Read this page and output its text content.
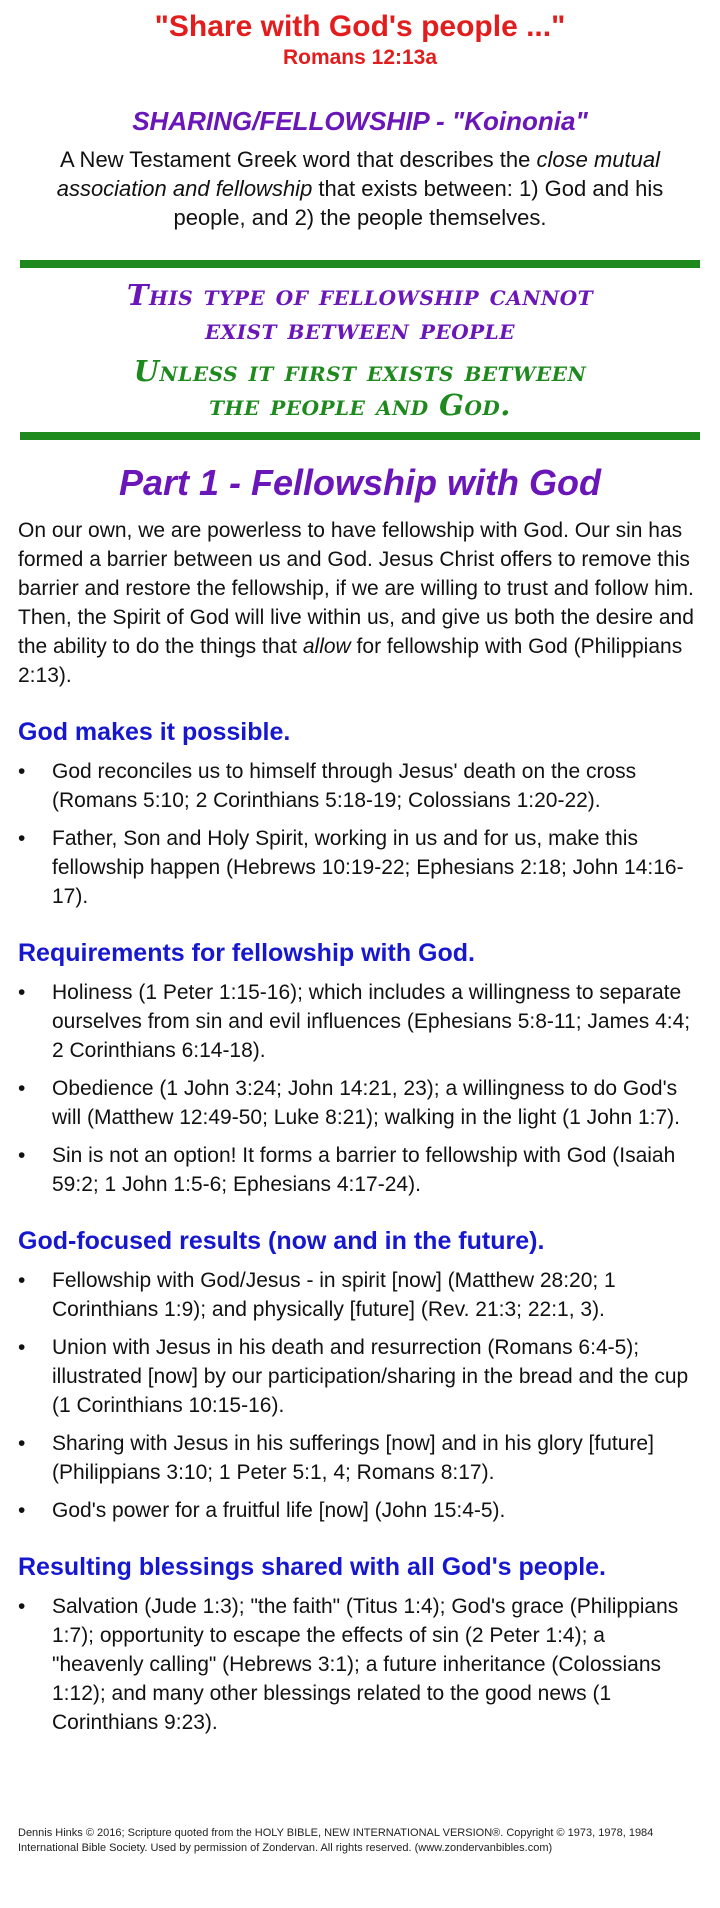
"Share with God's people ..."

Romans 12:13a

SHARING/FELLOWSHIP - "Koinonia"

A New Testament Greek word that describes the close mutual association and fellowship that exists between: 1) God and his people, and 2) the people themselves.

This type of fellowship cannot
exist between people
Unless it first exists between
the people and God.
Part 1 - Fellowship with God

On our own, we are powerless to have fellowship with God. Our sin has formed a barrier between us and God. Jesus Christ offers to remove this barrier and restore the fellowship, if we are willing to trust and follow him. Then, the Spirit of God will live within us, and give us both the desire and the ability to do the things that allow for fellowship with God (Philippians 2:13).

God makes it possible.
• God reconciles us to himself through Jesus' death on the cross (Romans 5:10; 2 Corinthians 5:18-19; Colossians 1:20-22).
• Father, Son and Holy Spirit, working in us and for us, make this fellowship happen (Hebrews 10:19-22; Ephesians 2:18; John 14:16-17).
Requirements for fellowship with God.
• Holiness (1 Peter 1:15-16); which includes a willingness to separate ourselves from sin and evil influences (Ephesians 5:8-11; James 4:4; 2 Corinthians 6:14-18).
• Obedience (1 John 3:24; John 14:21, 23); a willingness to do God's will (Matthew 12:49-50; Luke 8:21); walking in the light (1 John 1:7).
• Sin is not an option! It forms a barrier to fellowship with God (Isaiah 59:2; 1 John 1:5-6; Ephesians 4:17-24).
God-focused results (now and in the future).
• Fellowship with God/Jesus - in spirit [now] (Matthew 28:20; 1 Corinthians 1:9); and physically [future] (Rev. 21:3; 22:1, 3).
• Union with Jesus in his death and resurrection (Romans 6:4-5); illustrated [now] by our participation/sharing in the bread and the cup (1 Corinthians 10:15-16).
• Sharing with Jesus in his sufferings [now] and in his glory [future] (Philippians 3:10; 1 Peter 5:1, 4; Romans 8:17).
• God's power for a fruitful life [now] (John 15:4-5).
Resulting blessings shared with all God's people.
• Salvation (Jude 1:3); "the faith" (Titus 1:4); God's grace (Philippians 1:7); opportunity to escape the effects of sin (2 Peter 1:4); a "heavenly calling" (Hebrews 3:1); a future inheritance (Colossians 1:12); and many other blessings related to the good news (1 Corinthians 9:23).
Dennis Hinks © 2016; Scripture quoted from the HOLY BIBLE, NEW INTERNATIONAL VERSION®. Copyright © 1973, 1978, 1984 International Bible Society. Used by permission of Zondervan. All rights reserved. (www.zondervanbibles.com)
